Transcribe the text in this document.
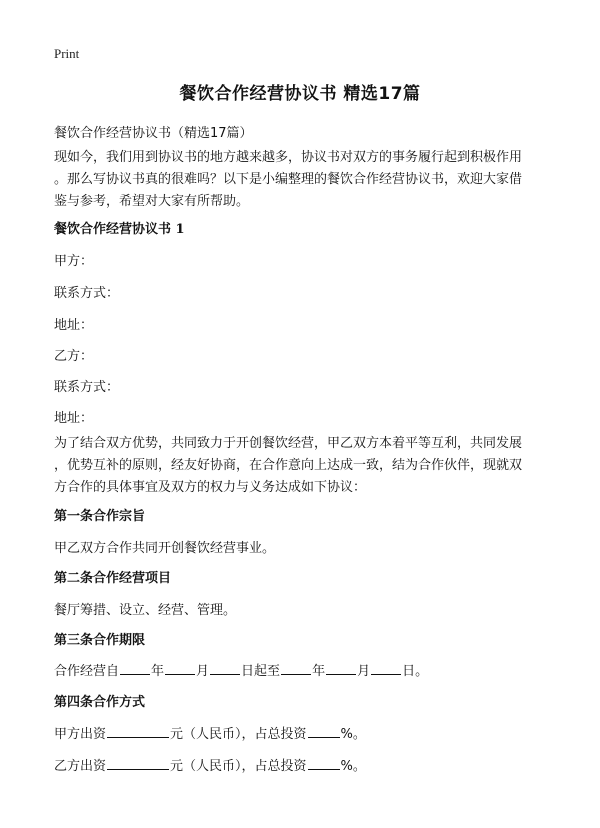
Print
餐饮合作经营协议书 精选17篇
餐饮合作经营协议书（精选17篇）
现如今，我们用到协议书的地方越来越多，协议书对双方的事务履行起到积极作用
。那么写协议书真的很难吗？以下是小编整理的餐饮合作经营协议书，欢迎大家借
鉴与参考，希望对大家有所帮助。
餐饮合作经营协议书 1
甲方：
联系方式：
地址：
乙方：
联系方式：
地址：
为了结合双方优势，共同致力于开创餐饮经营，甲乙双方本着平等互利，共同发展
，优势互补的原则，经友好协商，在合作意向上达成一致，结为合作伙伴，现就双
方合作的具体事宜及双方的权力与义务达成如下协议：
第一条合作宗旨
甲乙双方合作共同开创餐饮经营事业。
第二条合作经营项目
餐厅筹措、设立、经营、管理。
第三条合作期限
合作经营自 年 月 日起至 年 月 日。
第四条合作方式
甲方出资	元（人民币），占总投资	%。
乙方出资	元（人民币），占总投资	%。
